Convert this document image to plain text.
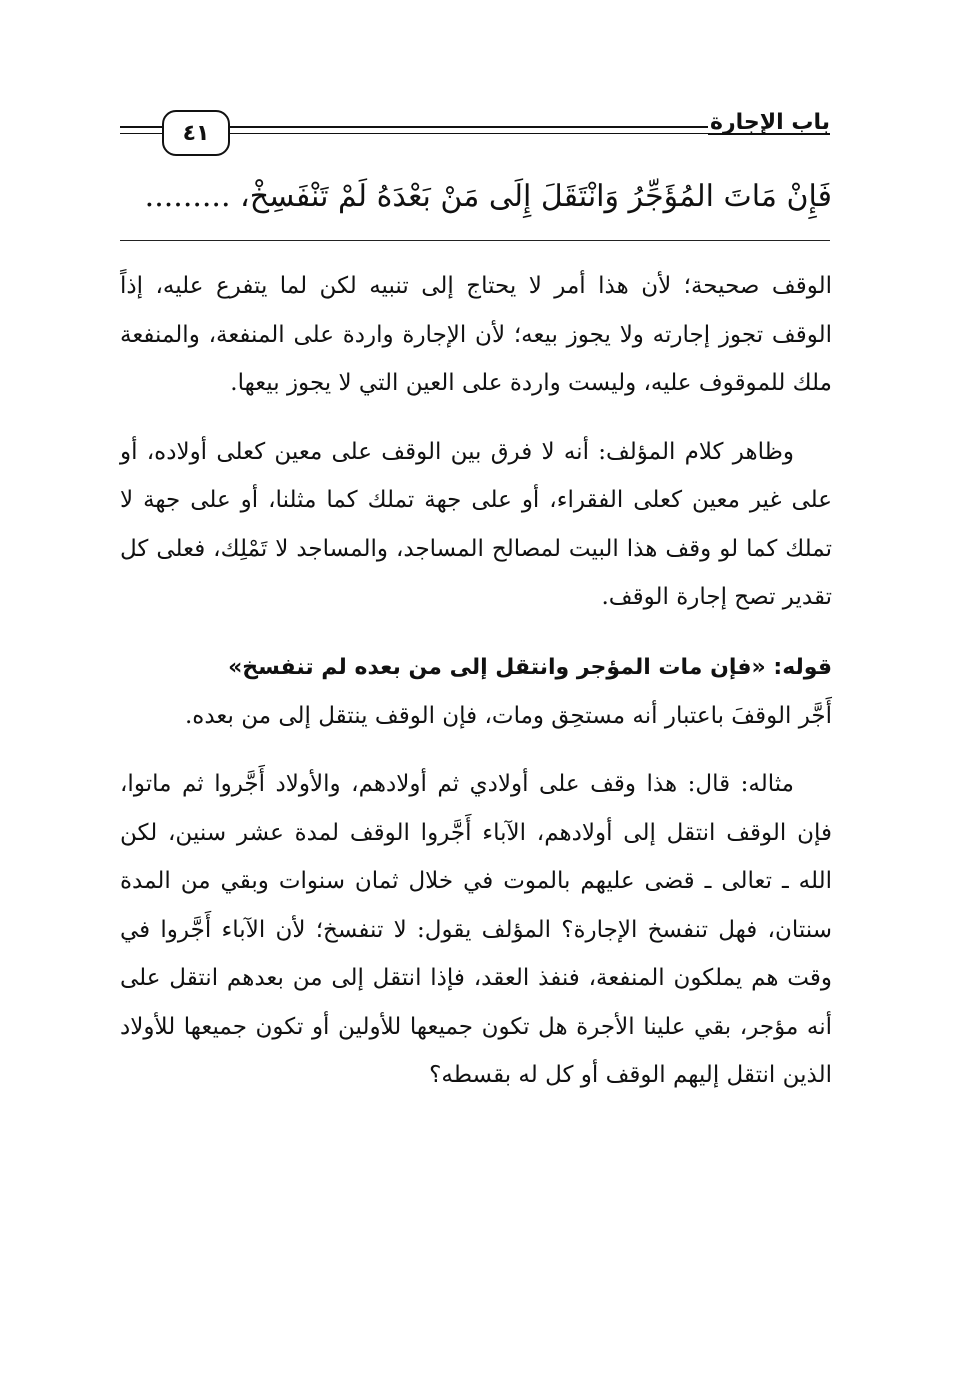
٤١	باب الإجارة
فَإِنْ مَاتَ المُؤَجِّرُ وَانْتَقَلَ إِلَى مَنْ بَعْدَهُ لَمْ تَنْفَسِخْ، .........

الوقف صحيحة؛ لأن هذا أمر لا يحتاج إلى تنبيه لكن لما يتفرع عليه، إذاً الوقف تجوز إجارته ولا يجوز بيعه؛ لأن الإجارة واردة على المنفعة، والمنفعة ملك للموقوف عليه، وليست واردة على العين التي لا يجوز بيعها.

وظاهر كلام المؤلف: أنه لا فرق بين الوقف على معين كعلى أولاده، أو على غير معين كعلى الفقراء، أو على جهة تملك كما مثلنا، أو على جهة لا تملك كما لو وقف هذا البيت لمصالح المساجد، والمساجد لا تَمْلِك، فعلى كل تقدير تصح إجارة الوقف.

قوله: «فإن مات المؤجر وانتقل إلى من بعده لم تنفسخ»

أَجَّر الوقفَ باعتبار أنه مستحِق ومات، فإن الوقف ينتقل إلى من بعده.

مثاله: قال: هذا وقف على أولادي ثم أولادهم، والأولاد أَجَّروا ثم ماتوا، فإن الوقف انتقل إلى أولادهم، الآباء أَجَّروا الوقف لمدة عشر سنين، لكن الله ـ تعالى ـ قضى عليهم بالموت في خلال ثمان سنوات وبقي من المدة سنتان، فهل تنفسخ الإجارة؟ المؤلف يقول: لا تنفسخ؛ لأن الآباء أَجَّروا في وقت هم يملكون المنفعة، فنفذ العقد، فإذا انتقل إلى من بعدهم انتقل على أنه مؤجر، بقي علينا الأجرة هل تكون جميعها للأولين أو تكون جميعها للأولاد الذين انتقل إليهم الوقف أو كل له بقسطه؟
